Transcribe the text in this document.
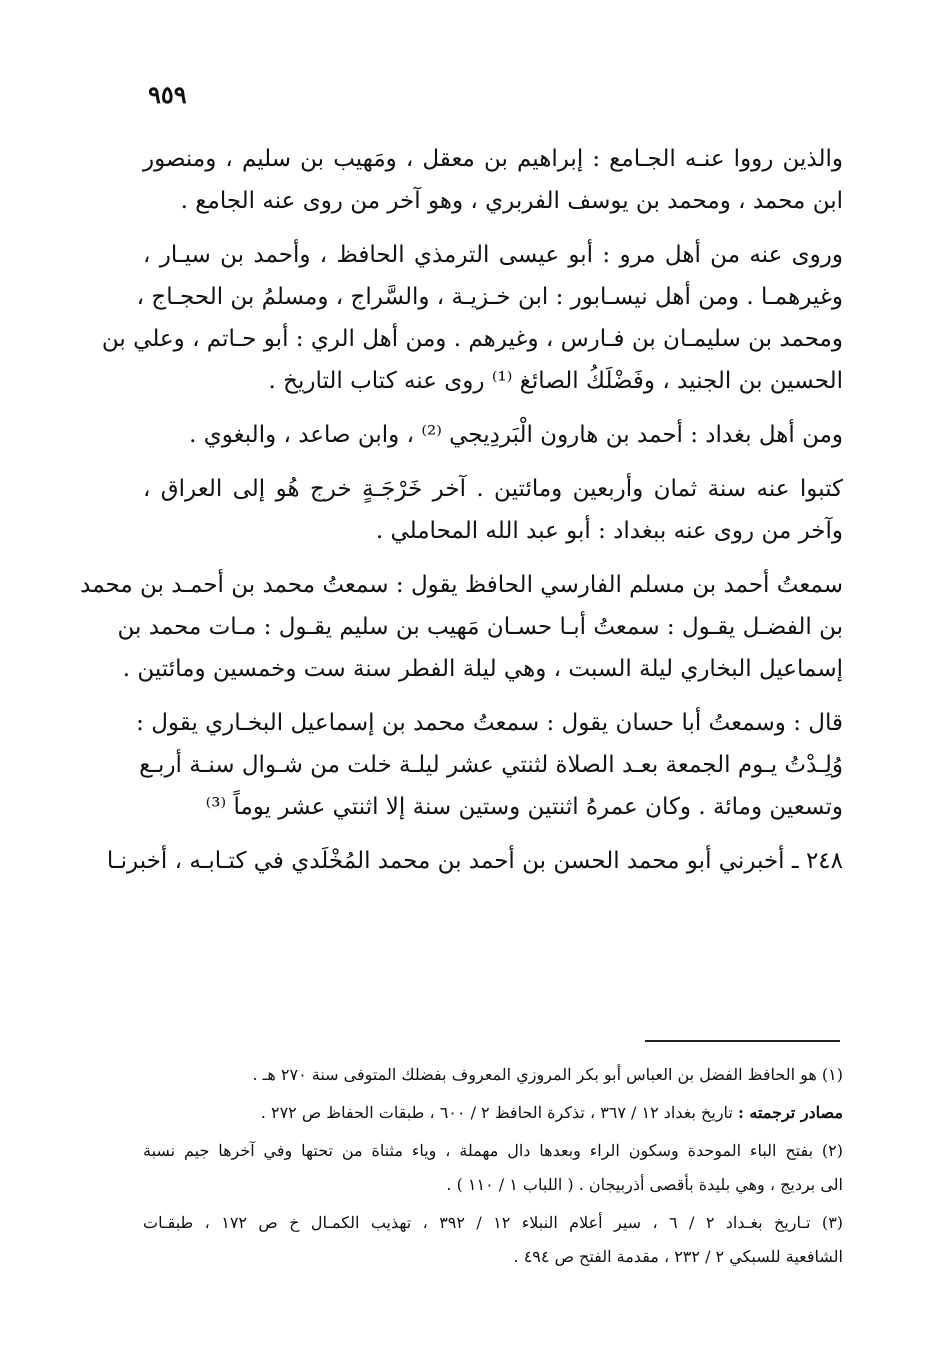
٩٥٩

والذين رووا عنـه الجـامع : إبراهيم بن معقل ، ومَهيب بن سليم ، ومنصور
ابن محمد ، ومحمد بن يوسف الفربري ، وهو آخر من روى عنه الجامع .

وروى عنه من أهل مرو : أبو عيسى الترمذي الحافظ ، وأحمد بن سيـار ،
وغيرهمـا . ومن أهل نيسـابور : ابن خـزيـة ، والسَّراج ، ومسلمُ بن الحجـاج ،
ومحمد بن سليمـان بن فـارس ، وغيرهم . ومن أهل الري : أبو حـاتم ، وعلي بن
الحسين بن الجنيد ، وفَضْلَكُ الصائغ ⁽¹⁾ روى عنه كتاب التاريخ .

ومن أهل بغداد : أحمد بن هارون الْبَردِيجي ⁽²⁾ ، وابن صاعد ، والبغوي .

كتبوا عنه سنة ثمان وأربعين ومائتين . آخر خَرْجَـةٍ خرج هُو إلى العراق ،
وآخر من روى عنه ببغداد : أبو عبد الله المحاملي .

سمعتُ أحمد بن مسلم الفارسي الحافظ يقول : سمعتُ محمد بن أحمـد بن محمد
بن الفضـل يقـول : سمعتُ أبـا حسـان مَهيب بن سليم يقـول : مـات محمد بن
إسماعيل البخاري ليلة السبت ، وهي ليلة الفطر سنة ست وخمسين ومائتين .

قال : وسمعتُ أبا حسان يقول : سمعتُ محمد بن إسماعيل البخـاري يقول :
وُلِـدْتُ يـوم الجمعة بعـد الصلاة لثنتي عشر ليلـة خلت من شـوال سنـة أربـع
وتسعين ومائة . وكان عمرهُ اثنتين وستين سنة إلا اثنتي عشر يوماً ⁽³⁾

٢٤٨ ـ أخبرني أبو محمد الحسن بن أحمد بن محمد المُخْلَدي في كتـابـه ، أخبرنـا

(١) هو الحافظ الفضل بن العباس أبو بكر المروزي المعروف بفضلك المتوفى سنة ٢٧٠ هـ .

مصادر ترجمته : تاريخ بغداد ١٢ / ٣٦٧ ، تذكرة الحافظ ٢ / ٦٠٠ ، طبقات الحفاظ ص ٢٧٢ .

(٢) بفتح الباء الموحدة وسكون الراء وبعدها دال مهملة ، وياء مثناة من تحتها وفي آخرها جيم نسبة
الى برديج ، وهي بليدة بأقصى أذربيجان . ( اللباب ١ / ١١٠ ) .

(٣) تـاريخ بغـداد ٢ / ٦ ، سير أعلام النبلاء ١٢ / ٣٩٢ ، تهذيب الكمـال خ ص ١٧٢ ، طبقـات
الشافعية للسبكي ٢ / ٢٣٢ ، مقدمة الفتح ص ٤٩٤ .
